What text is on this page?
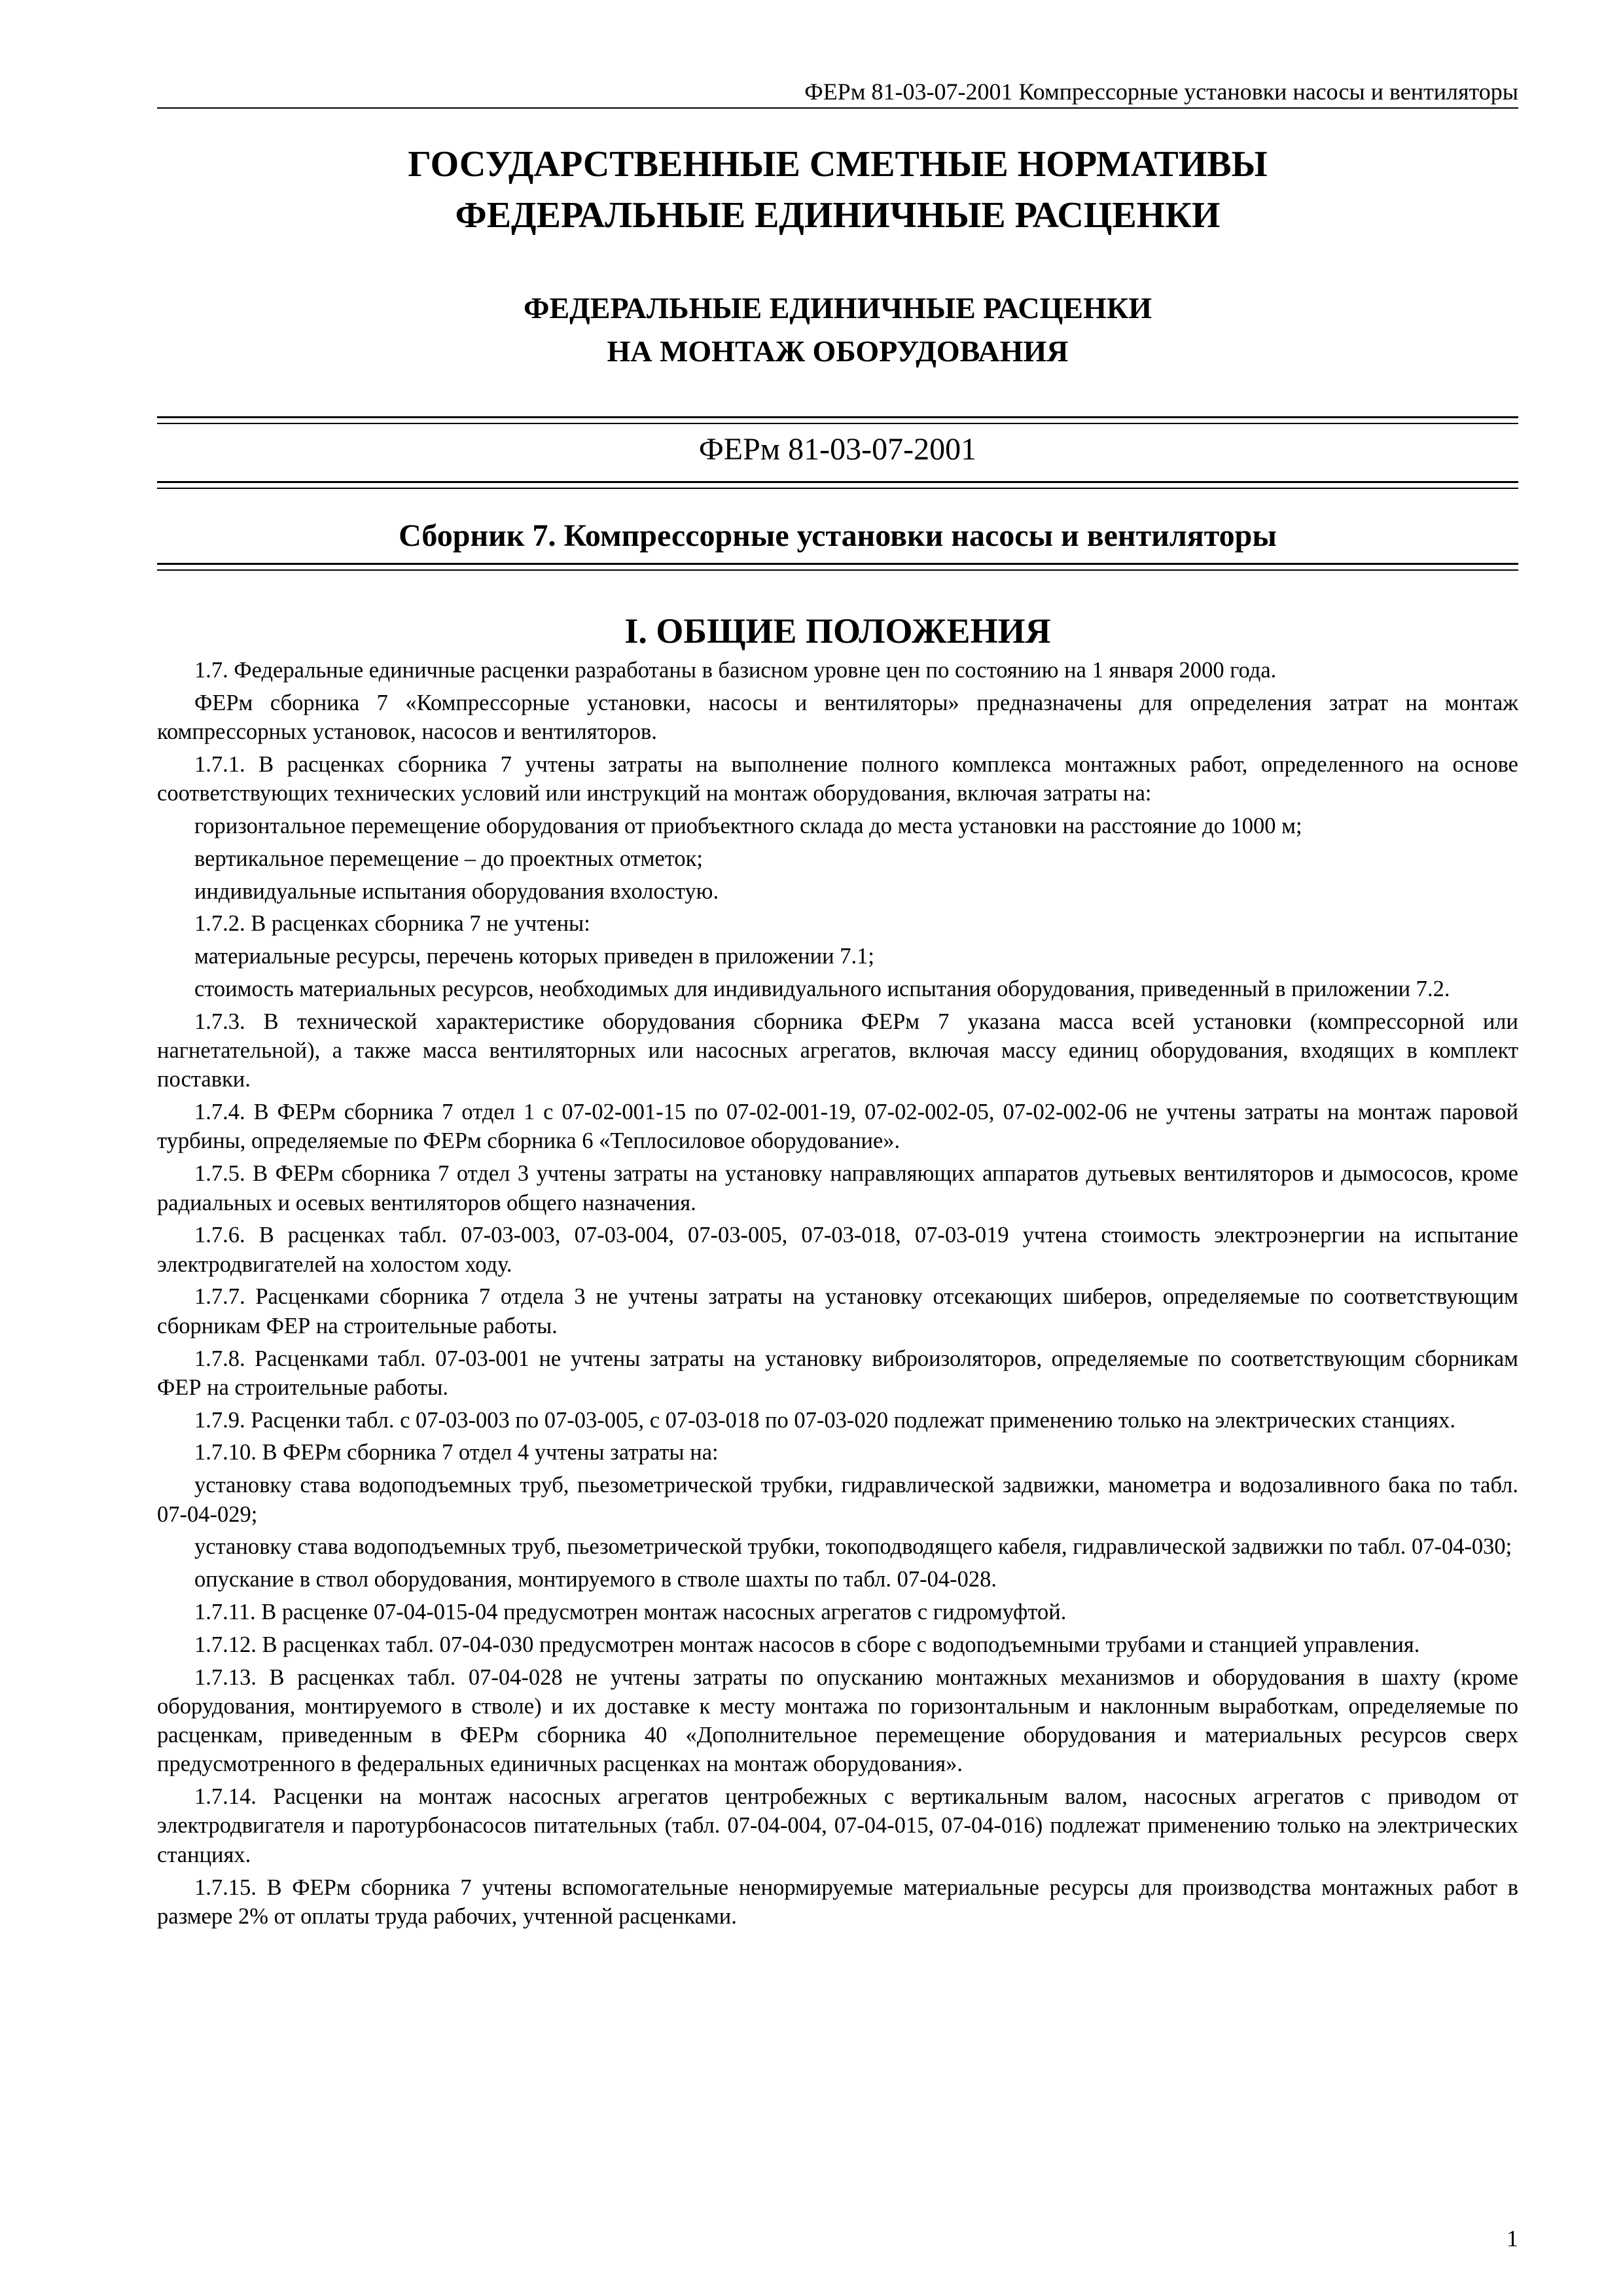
ФЕРм 81-03-07-2001 Компрессорные установки насосы и вентиляторы
ГОСУДАРСТВЕННЫЕ СМЕТНЫЕ НОРМАТИВЫ
ФЕДЕРАЛЬНЫЕ ЕДИНИЧНЫЕ РАСЦЕНКИ
ФЕДЕРАЛЬНЫЕ ЕДИНИЧНЫЕ РАСЦЕНКИ
НА МОНТАЖ ОБОРУДОВАНИЯ
ФЕРм 81-03-07-2001
Сборник 7. Компрессорные установки насосы и вентиляторы
I. ОБЩИЕ ПОЛОЖЕНИЯ

1.7. Федеральные единичные расценки разработаны в базисном уровне цен по состоянию на 1 января 2000 года.

ФЕРм сборника 7 «Компрессорные установки, насосы и вентиляторы» предназначены для определения затрат на монтаж компрессорных установок, насосов и вентиляторов.

1.7.1. В расценках сборника 7 учтены затраты на выполнение полного комплекса монтажных работ, определенного на основе соответствующих технических условий или инструкций на монтаж оборудования, включая затраты на:

горизонтальное перемещение оборудования от приобъектного склада до места установки на расстояние до 1000 м;

вертикальное перемещение – до проектных отметок;

индивидуальные испытания оборудования вхолостую.

1.7.2. В расценках сборника 7 не учтены:

материальные ресурсы, перечень которых приведен в приложении 7.1;

стоимость материальных ресурсов, необходимых для индивидуального испытания оборудования, приведенный в приложении 7.2.

1.7.3. В технической характеристике оборудования сборника ФЕРм 7 указана масса всей установки (компрессорной или нагнетательной), а также масса вентиляторных или насосных агрегатов, включая массу единиц оборудования, входящих в комплект поставки.

1.7.4. В ФЕРм сборника 7 отдел 1 с 07-02-001-15 по 07-02-001-19, 07-02-002-05, 07-02-002-06 не учтены затраты на монтаж паровой турбины, определяемые по ФЕРм сборника 6 «Теплосиловое оборудование».

1.7.5. В ФЕРм сборника 7 отдел 3 учтены затраты на установку направляющих аппаратов дутьевых вентиляторов и дымососов, кроме радиальных и осевых вентиляторов общего назначения.

1.7.6. В расценках табл. 07-03-003, 07-03-004, 07-03-005, 07-03-018, 07-03-019 учтена стоимость электроэнергии на испытание электродвигателей на холостом ходу.

1.7.7. Расценками сборника 7 отдела 3 не учтены затраты на установку отсекающих шиберов, определяемые по соответствующим сборникам ФЕР на строительные работы.

1.7.8. Расценками табл. 07-03-001 не учтены затраты на установку виброизоляторов, определяемые по соответствующим сборникам ФЕР на строительные работы.

1.7.9. Расценки табл. с 07-03-003 по 07-03-005, с 07-03-018 по 07-03-020 подлежат применению только на электрических станциях.

1.7.10. В ФЕРм сборника 7 отдел 4 учтены затраты на:

установку става водоподъемных труб, пьезометрической трубки, гидравлической задвижки, манометра и водозаливного бака по табл. 07-04-029;

установку става водоподъемных труб, пьезометрической трубки, токоподводящего кабеля, гидравлической задвижки по табл. 07-04-030;

опускание в ствол оборудования, монтируемого в стволе шахты по табл. 07-04-028.

1.7.11. В расценке 07-04-015-04 предусмотрен монтаж насосных агрегатов с гидромуфтой.

1.7.12. В расценках табл. 07-04-030 предусмотрен монтаж насосов в сборе с водоподъемными трубами и станцией управления.

1.7.13. В расценках табл. 07-04-028 не учтены затраты по опусканию монтажных механизмов и оборудования в шахту (кроме оборудования, монтируемого в стволе) и их доставке к месту монтажа по горизонтальным и наклонным выработкам, определяемые по расценкам, приведенным в ФЕРм сборника 40 «Дополнительное перемещение оборудования и материальных ресурсов сверх предусмотренного в федеральных единичных расценках на монтаж оборудования».

1.7.14. Расценки на монтаж насосных агрегатов центробежных с вертикальным валом, насосных агрегатов с приводом от электродвигателя и паротурбонасосов питательных (табл. 07-04-004, 07-04-015, 07-04-016) подлежат применению только на электрических станциях.

1.7.15. В ФЕРм сборника 7 учтены вспомогательные ненормируемые материальные ресурсы для производства монтажных работ в размере 2% от оплаты труда рабочих, учтенной расценками.

1
